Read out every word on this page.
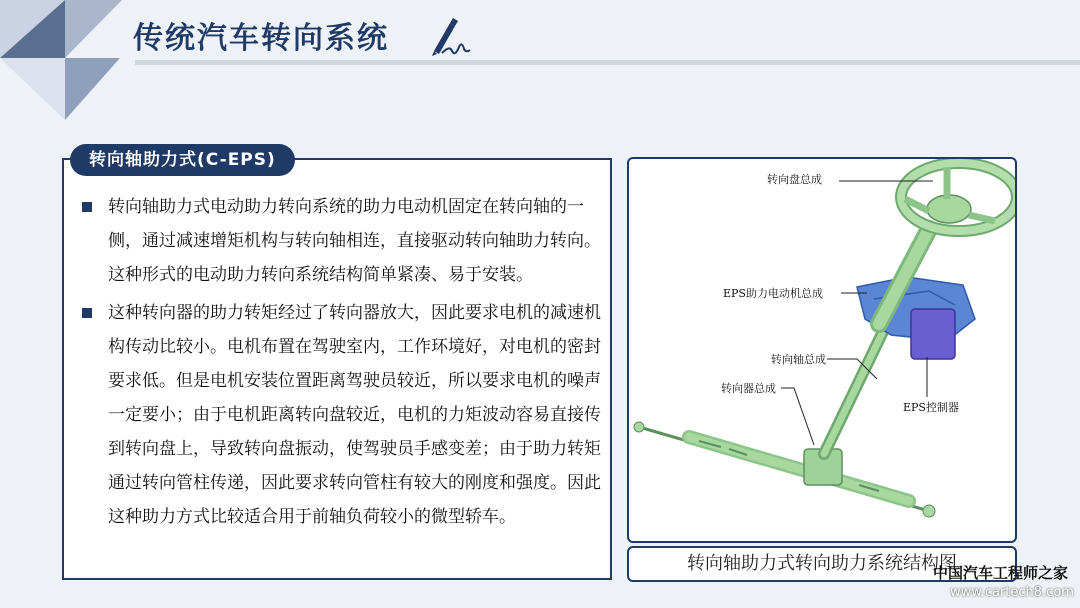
传统汽车转向系统
转向轴助力式(C-EPS)
转向轴助力式电动助力转向系统的助力电动机固定在转向轴的一侧，通过减速增矩机构与转向轴相连，直接驱动转向轴助力转向。这种形式的电动助力转向系统结构简单紧凑、易于安装。
这种转向器的助力转矩经过了转向器放大，因此要求电机的减速机构传动比较小。电机布置在驾驶室内，工作环境好，对电机的密封要求低。但是电机安装位置距离驾驶员较近，所以要求电机的噪声一定要小；由于电机距离转向盘较近，电机的力矩波动容易直接传到转向盘上，导致转向盘振动，使驾驶员手感变差；由于助力转矩通过转向管柱传递，因此要求转向管柱有较大的刚度和强度。因此这种助力方式比较适合用于前轴负荷较小的微型轿车。
转向盘总成
EPS助力电动机总成
转向轴总成
转向器总成
EPS控制器
转向轴助力式转向助力系统结构图
中国汽车工程师之家
www.cartech8.com
